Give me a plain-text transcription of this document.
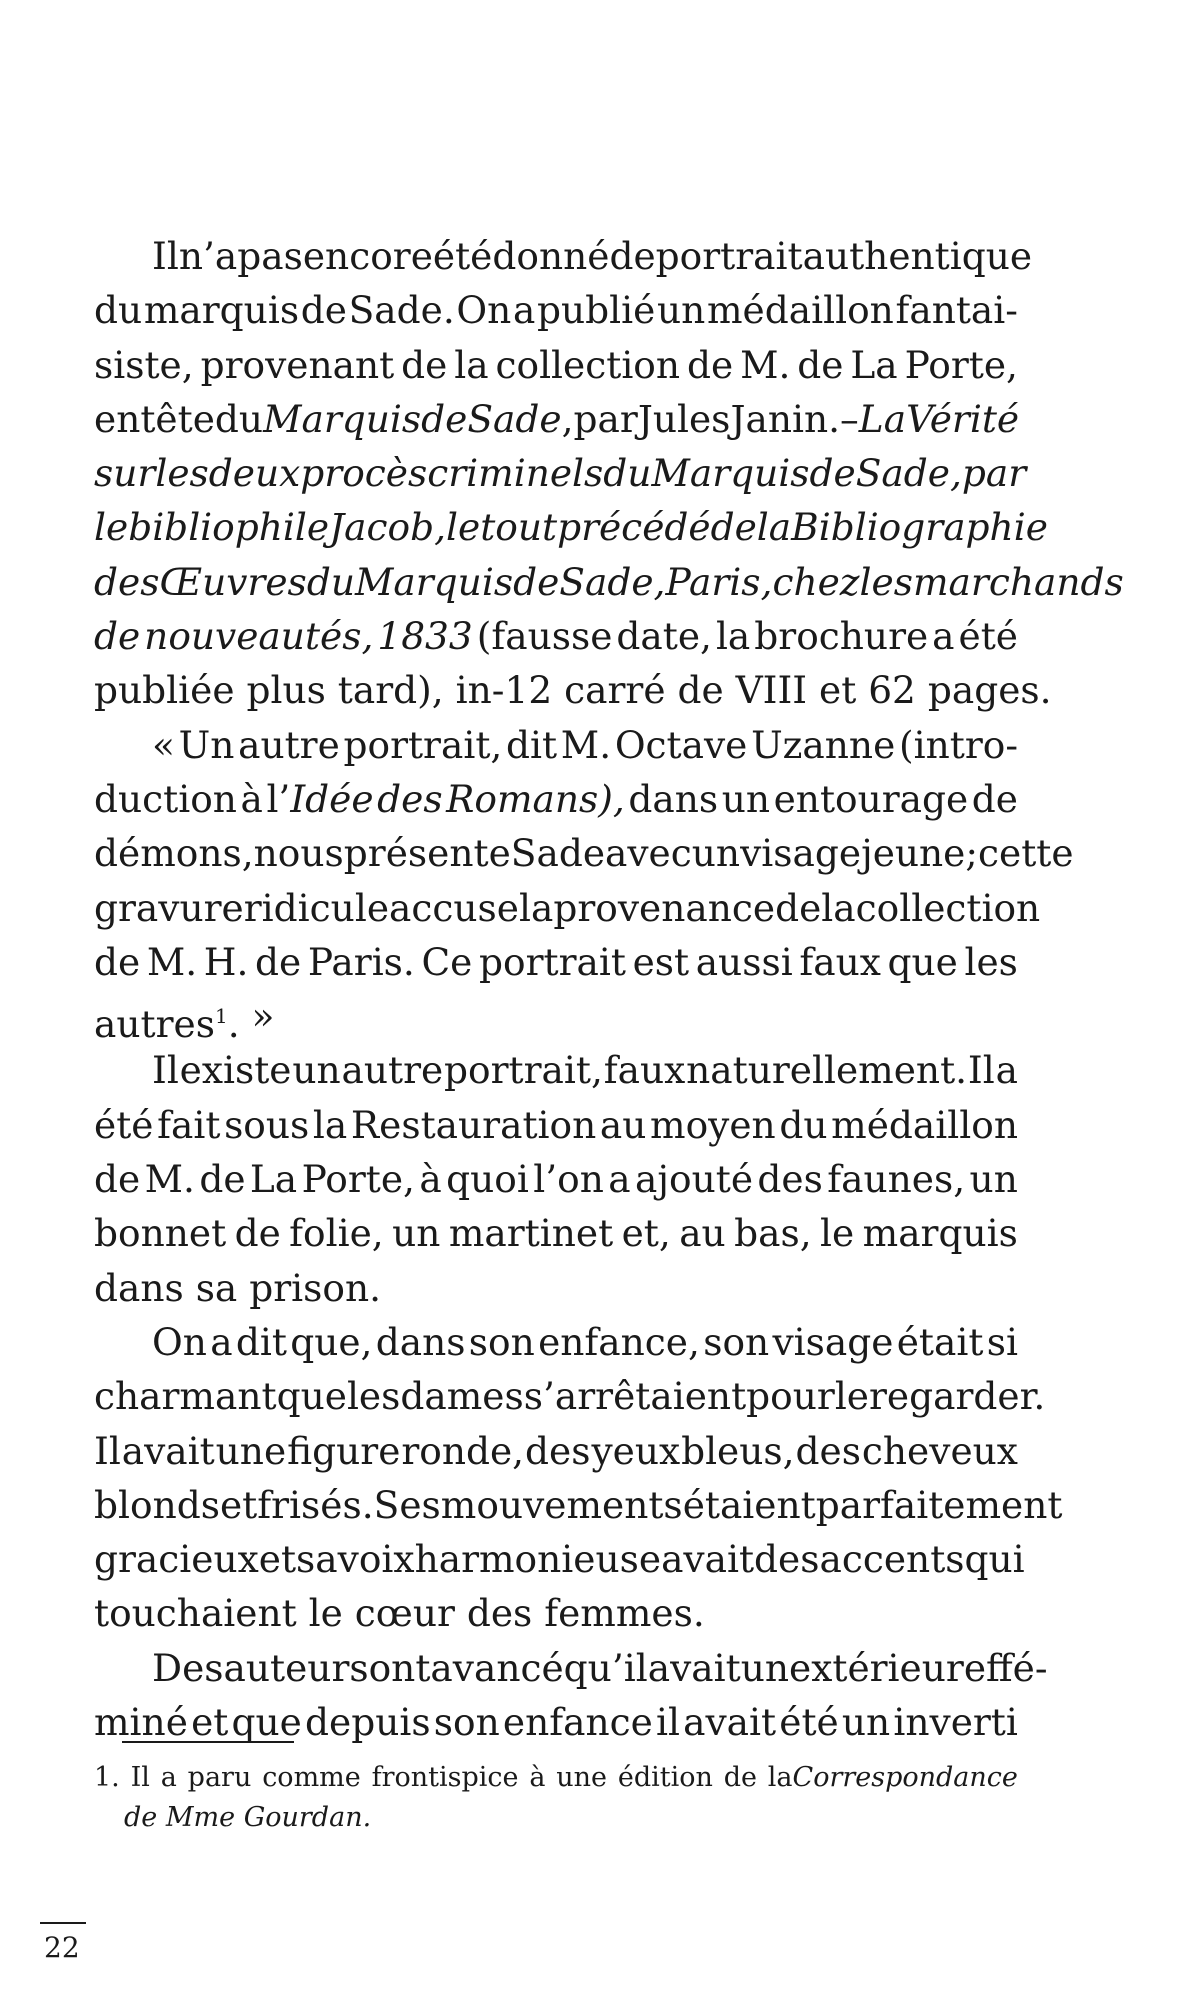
Il n’a pas encore été donné de portrait authentique
du marquis de Sade. On a publié un médaillon fantai-
siste, provenant de la collection de M. de La Porte,
en tête duMarquis de Sade, par Jules Janin. –La Vérité
sur les deux procès criminels du Marquis de Sade, par
le bibliophile Jacob, le tout précédé de la Bibliographie
des Œuvres du Marquis de Sade, Paris, chez les marchands
de nouveautés, 1833 (fausse date, la brochure a été
publiée
plus
tard),
in-12
carré
de
VIII
et
62
pages.

« Un autre portrait, dit M. Octave Uzanne (intro-
duction à l’Idée des Romans), dans un entourage de
démons, nous présente Sade avec un visage jeune ; cette
gravure ridicule accuse la provenance de la collection
de M. H. de Paris. Ce portrait est aussi faux que les
autres$^1$.
»

Il existe un autre portrait, faux naturellement. Il a
été fait sous la Restauration au moyen du médaillon
de M. de La Porte, à quoi l’on a ajouté des faunes, un
bonnet de folie, un martinet et, au bas, le marquis
dans
sa
prison.

On a dit que, dans son enfance, son visage était si
charmant que les dames s’arrêtaient pour le regarder.
Il avait une figure ronde, des yeux bleus, des cheveux
blonds et frisés. Ses mouvements étaient parfaitement
gracieux et sa voix harmonieuse avait des accents qui
touchaient
le
cœur
des
femmes.

Des auteurs ont avancé qu’il avait un extérieur effé-
miné et que depuis son enfance il avait été un inverti
1. Il a paru comme frontispice à une édition de laCorrespondance
de
Mme
Gourdan.

22
